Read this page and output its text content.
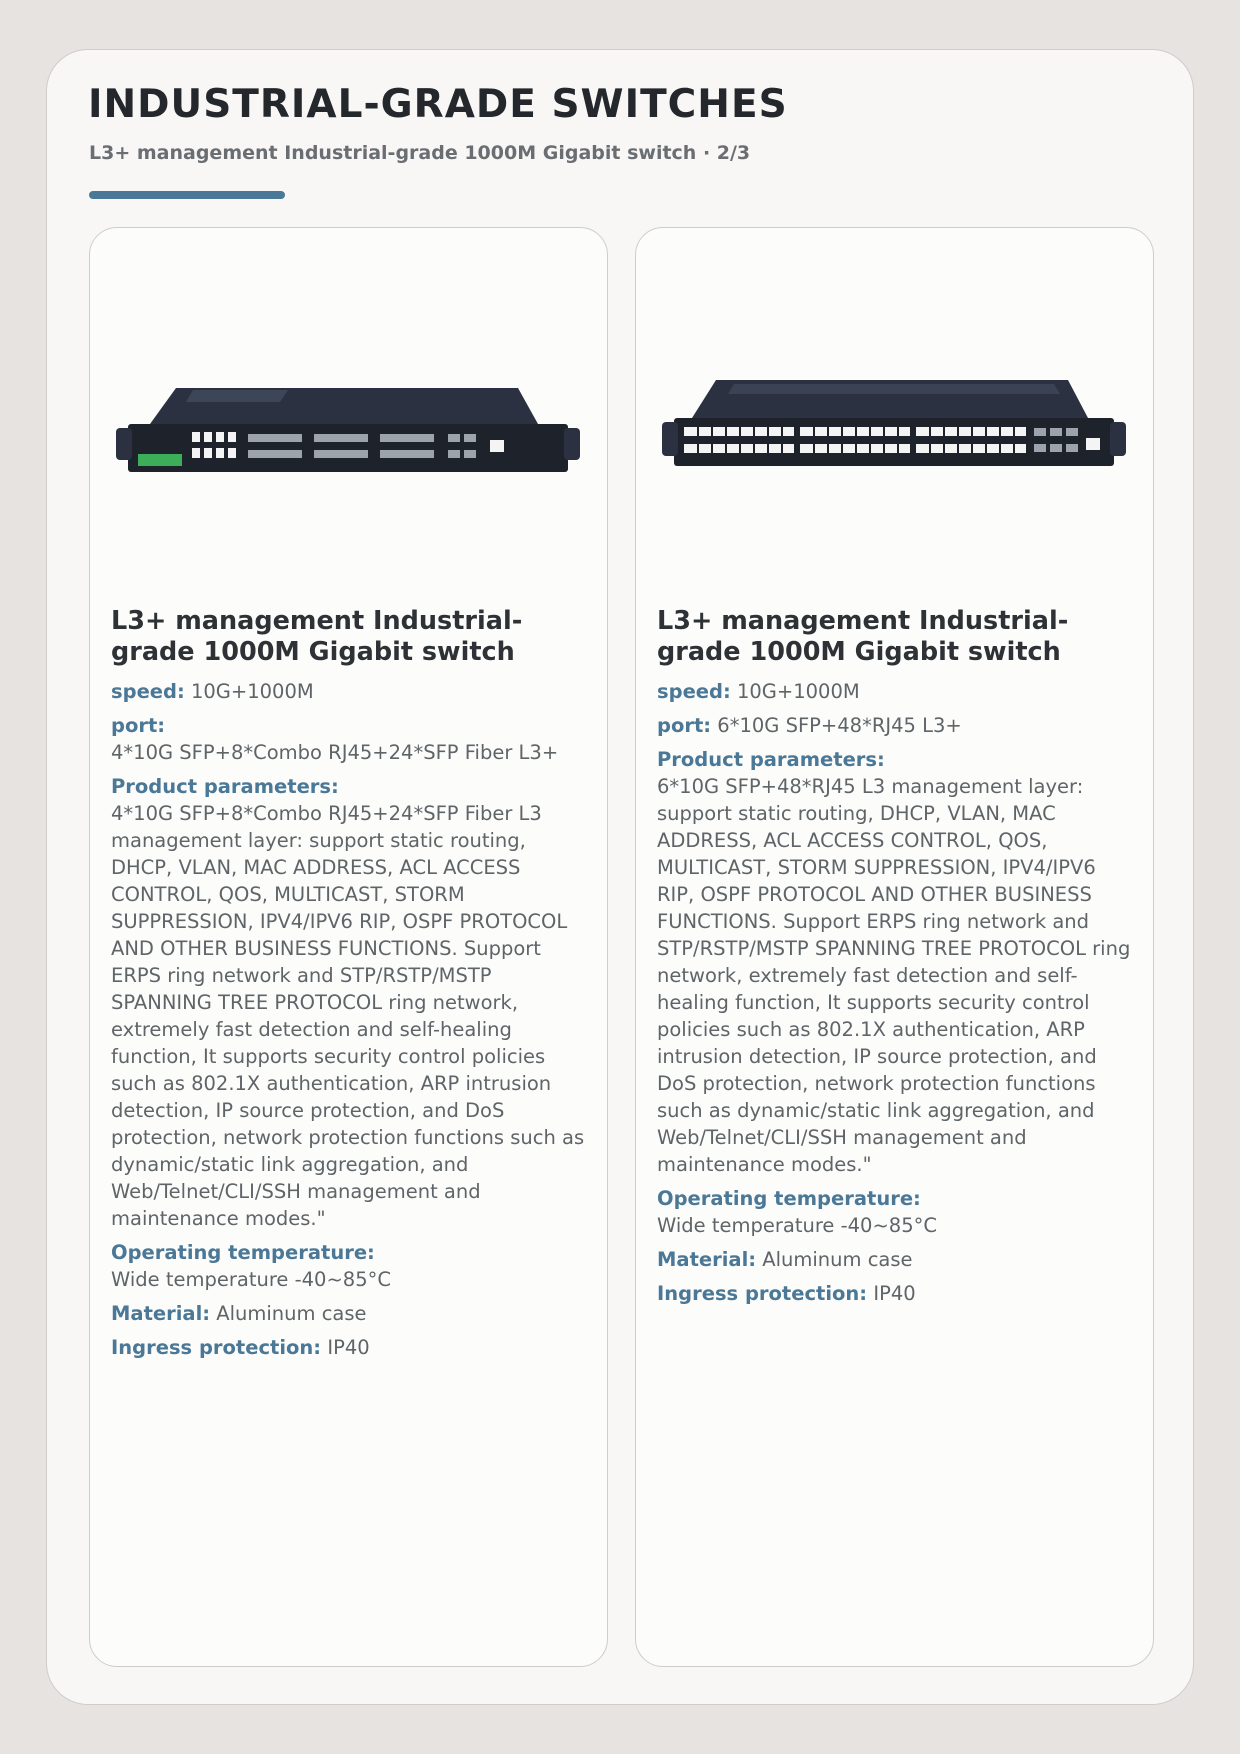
INDUSTRIAL-GRADE SWITCHES
L3+ management Industrial-grade 1000M Gigabit switch · 2/3
L3+ management Industrial-grade 1000M Gigabit switch

speed: 10G+1000M

port:
4*10G SFP+8*Combo RJ45+24*SFP Fiber L3+

Product parameters:
4*10G SFP+8*Combo RJ45+24*SFP Fiber L3 management layer: support static routing, DHCP, VLAN, MAC ADDRESS, ACL ACCESS CONTROL, QOS, MULTICAST, STORM SUPPRESSION, IPV4/IPV6 RIP, OSPF PROTOCOL AND OTHER BUSINESS FUNCTIONS. Support ERPS ring network and STP/RSTP/MSTP SPANNING TREE PROTOCOL ring network, extremely fast detection and self-healing function, It supports security control policies such as 802.1X authentication, ARP intrusion detection, IP source protection, and DoS protection, network protection functions such as dynamic/static link aggregation, and Web/Telnet/CLI/SSH management and maintenance modes."

Operating temperature:
Wide temperature -40~85°C

Material: Aluminum case

Ingress protection: IP40

L3+ management Industrial-grade 1000M Gigabit switch

speed: 10G+1000M

port: 6*10G SFP+48*RJ45 L3+

Product parameters:
6*10G SFP+48*RJ45 L3 management layer: support static routing, DHCP, VLAN, MAC ADDRESS, ACL ACCESS CONTROL, QOS, MULTICAST, STORM SUPPRESSION, IPV4/IPV6 RIP, OSPF PROTOCOL AND OTHER BUSINESS FUNCTIONS. Support ERPS ring network and STP/RSTP/MSTP SPANNING TREE PROTOCOL ring network, extremely fast detection and self-healing function, It supports security control policies such as 802.1X authentication, ARP intrusion detection, IP source protection, and DoS protection, network protection functions such as dynamic/static link aggregation, and Web/Telnet/CLI/SSH management and maintenance modes."

Operating temperature:
Wide temperature -40~85°C

Material: Aluminum case

Ingress protection: IP40
